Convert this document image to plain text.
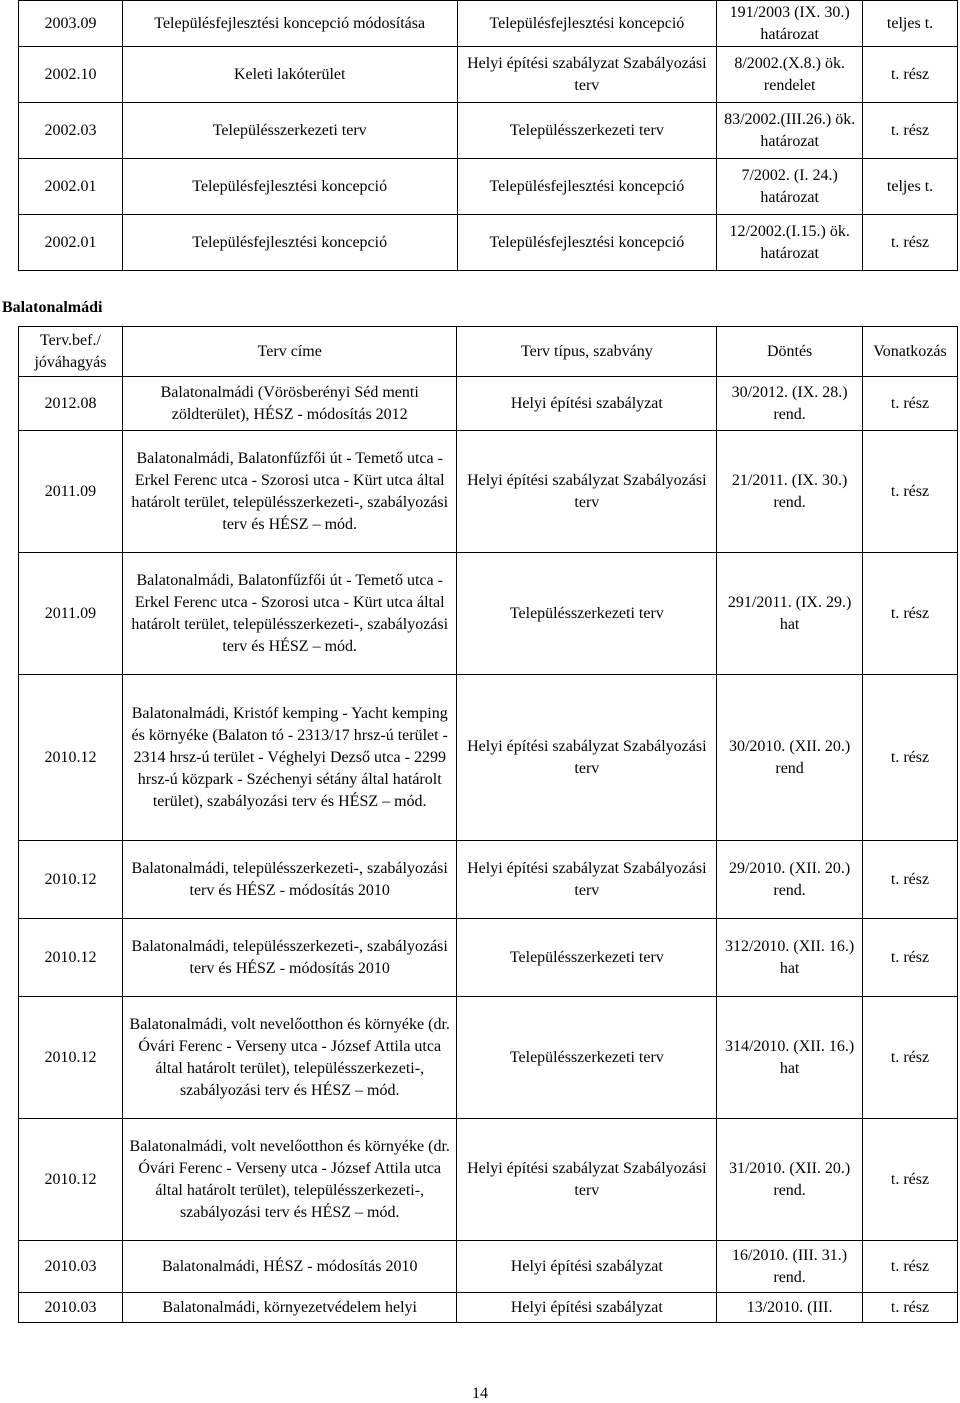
2003.09	Településfejlesztési koncepció módosítása	Településfejlesztési koncepció	191/2003 (IX. 30.) határozat	teljes t.
2002.10	Keleti lakóterület	Helyi építési szabályzat Szabályozási terv	8/2002.(X.8.) ök. rendelet	t. rész
2002.03	Településszerkezeti terv	Településszerkezeti terv	83/2002.(III.26.) ök. határozat	t. rész
2002.01	Településfejlesztési koncepció	Településfejlesztési koncepció	7/2002. (I. 24.) határozat	teljes t.
2002.01	Településfejlesztési koncepció	Településfejlesztési koncepció	12/2002.(I.15.) ök. határozat	t. rész
Balatonalmádi
Terv.bef./ jóváhagyás	Terv címe	Terv típus, szabvány	Döntés	Vonatkozás
2012.08	Balatonalmádi (Vörösberényi Séd menti zöldterület), HÉSZ - módosítás 2012	Helyi építési szabályzat	30/2012. (IX. 28.) rend.	t. rész
2011.09	Balatonalmádi, Balatonfűzfői út - Temető utca - Erkel Ferenc utca - Szorosi utca - Kürt utca által határolt terület, településszerkezeti-, szabályozási terv és HÉSZ – mód.	Helyi építési szabályzat Szabályozási terv	21/2011. (IX. 30.) rend.	t. rész
2011.09	Balatonalmádi, Balatonfűzfői út - Temető utca - Erkel Ferenc utca - Szorosi utca - Kürt utca által határolt terület, településszerkezeti-, szabályozási terv és HÉSZ – mód.	Településszerkezeti terv	291/2011. (IX. 29.) hat	t. rész
2010.12	Balatonalmádi, Kristóf kemping - Yacht kemping és környéke (Balaton tó - 2313/17 hrsz-ú terület - 2314 hrsz-ú terület - Véghelyi Dezső utca - 2299 hrsz-ú közpark - Széchenyi sétány által határolt terület), szabályozási terv és HÉSZ – mód.	Helyi építési szabályzat Szabályozási terv	30/2010. (XII. 20.) rend	t. rész
2010.12	Balatonalmádi, településszerkezeti-, szabályozási terv és HÉSZ - módosítás 2010	Helyi építési szabályzat Szabályozási terv	29/2010. (XII. 20.) rend.	t. rész
2010.12	Balatonalmádi, településszerkezeti-, szabályozási terv és HÉSZ - módosítás 2010	Településszerkezeti terv	312/2010. (XII. 16.) hat	t. rész
2010.12	Balatonalmádi, volt nevelőotthon és környéke (dr. Óvári Ferenc - Verseny utca - József Attila utca által határolt terület), településszerkezeti-, szabályozási terv és HÉSZ – mód.	Településszerkezeti terv	314/2010. (XII. 16.) hat	t. rész
2010.12	Balatonalmádi, volt nevelőotthon és környéke (dr. Óvári Ferenc - Verseny utca - József Attila utca által határolt terület), településszerkezeti-, szabályozási terv és HÉSZ – mód.	Helyi építési szabályzat Szabályozási terv	31/2010. (XII. 20.) rend.	t. rész
2010.03	Balatonalmádi, HÉSZ - módosítás 2010	Helyi építési szabályzat	16/2010. (III. 31.) rend.	t. rész
2010.03	Balatonalmádi, környezetvédelem helyi	Helyi építési szabályzat	13/2010. (III.	t. rész
14
